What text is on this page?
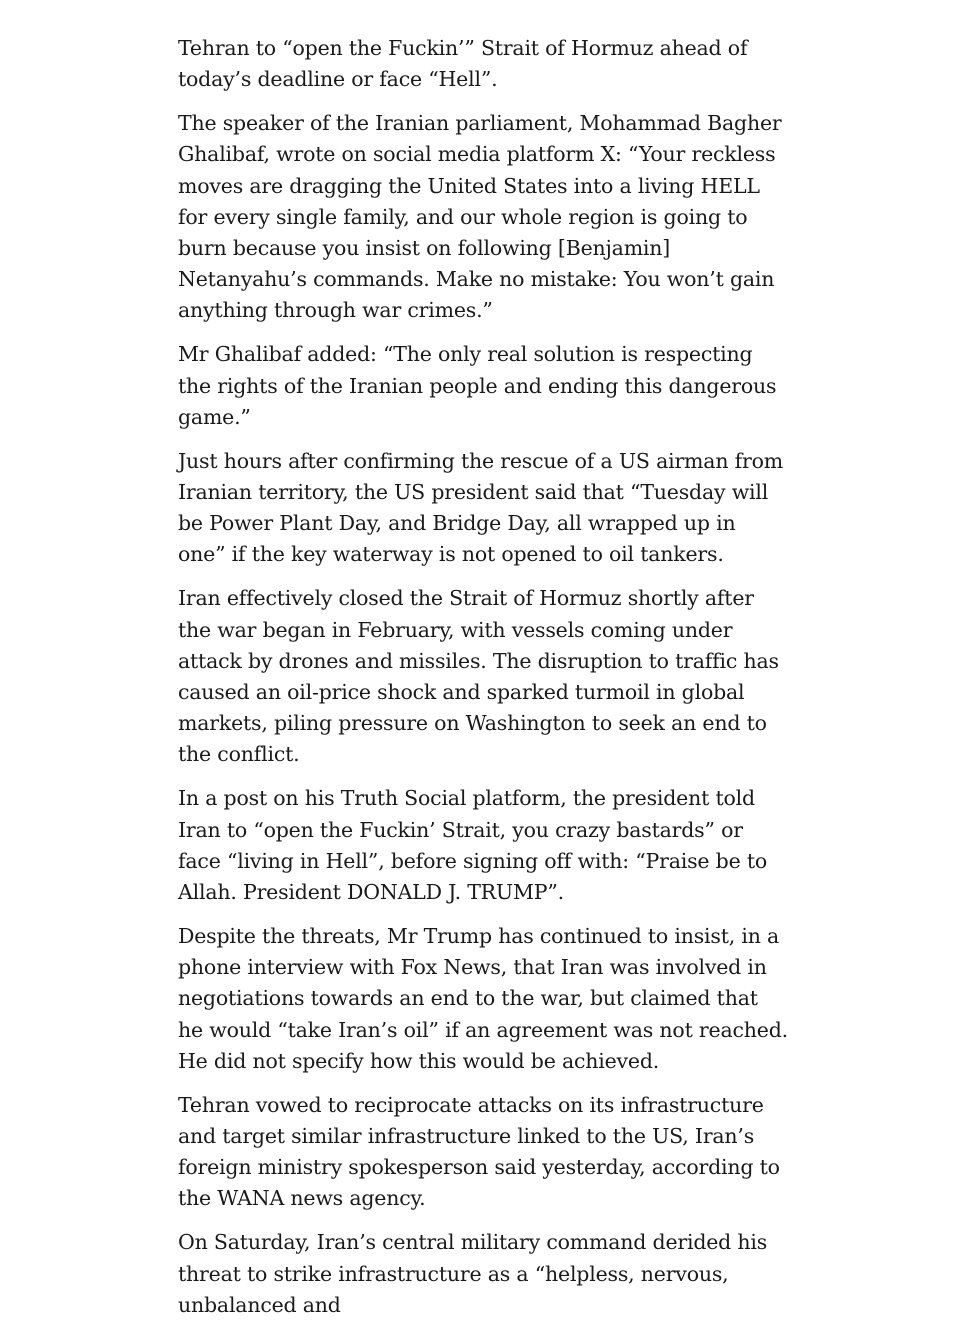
Tehran to “open the Fuckin’” Strait of Hormuz ahead of today’s deadline or face “Hell”.

The speaker of the Iranian parliament, Mohammad Bagher Ghalibaf, wrote on social media platform X: “Your reckless moves are dragging the United States into a living HELL for every single family, and our whole region is going to burn because you insist on following [Benjamin] Netanyahu’s commands. Make no mistake: You won’t gain anything through war crimes.”

Mr Ghalibaf added: “The only real solution is respecting the rights of the Iranian people and ending this dangerous game.”

Just hours after confirming the rescue of a US airman from Iranian territory, the US president said that “Tuesday will be Power Plant Day, and Bridge Day, all wrapped up in one” if the key waterway is not opened to oil tankers.

Iran effectively closed the Strait of Hormuz shortly after the war began in February, with vessels coming under attack by drones and missiles. The disruption to traffic has caused an oil-price shock and sparked turmoil in global markets, piling pressure on Washington to seek an end to the conflict.

In a post on his Truth Social platform, the president told Iran to “open the Fuckin’ Strait, you crazy bastards” or face “living in Hell”, before signing off with: “Praise be to Allah. President DONALD J. TRUMP”.

Despite the threats, Mr Trump has continued to insist, in a phone interview with Fox News, that Iran was involved in negotiations towards an end to the war, but claimed that he would “take Iran’s oil” if an agreement was not reached. He did not specify how this would be achieved.

Tehran vowed to reciprocate attacks on its infrastructure and target similar infrastructure linked to the US, Iran’s foreign ministry spokesperson said yesterday, according to the WANA news agency.

On Saturday, Iran’s central military command derided his threat to strike infrastructure as a “helpless, nervous, unbalanced and
